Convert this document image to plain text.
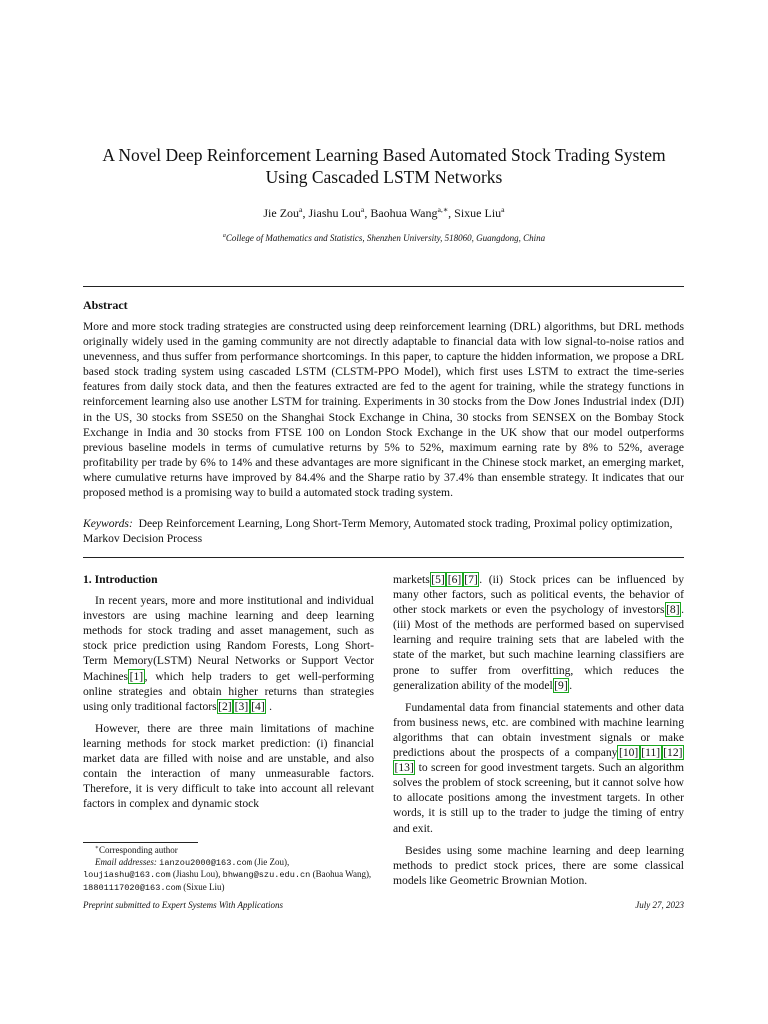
A Novel Deep Reinforcement Learning Based Automated Stock Trading System
Using Cascaded LSTM Networks
Jie Zou$^a$, Jiashu Lou$^a$, Baohua Wang$^{a,∗}$, Sixue Liu$^a$
$^a$College of Mathematics and Statistics, Shenzhen University, 518060, Guangdong, China
Abstract

More and more stock trading strategies are constructed using deep reinforcement learning (DRL) algorithms, but DRL methods originally widely used in the gaming community are not directly adaptable to financial data with low signal-to-noise ratios and unevenness, and thus suffer from performance shortcomings. In this paper, to capture the hidden information, we propose a DRL based stock trading system using cascaded LSTM (CLSTM-PPO Model), which first uses LSTM to extract the time-series features from daily stock data, and then the features extracted are fed to the agent for training, while the strategy functions in reinforcement learning also use another LSTM for training. Experiments in 30 stocks from the Dow Jones Industrial index (DJI) in the US, 30 stocks from SSE50 on the Shanghai Stock Exchange in China, 30 stocks from SENSEX on the Bombay Stock Exchange in India and 30 stocks from FTSE 100 on London Stock Exchange in the UK show that our model outperforms previous baseline models in terms of cumulative returns by 5% to 52%, maximum earning rate by 8% to 52%, average profitability per trade by 6% to 14% and these advantages are more significant in the Chinese stock market, an emerging market, where cumulative returns have improved by 84.4% and the Sharpe ratio by 37.4% than ensemble strategy. It indicates that our proposed method is a promising way to build a automated stock trading system.

Keywords: Deep Reinforcement Learning, Long Short-Term Memory, Automated stock trading, Proximal policy optimization, Markov Decision Process

1. Introduction

In recent years, more and more institutional and individual investors are using machine learning and deep learning methods for stock trading and asset management, such as stock price prediction using Random Forests, Long Short-Term Memory(LSTM) Neural Networks or Support Vector Machines [1] , which help traders to get well-performing online strategies and obtain higher returns than strategies using only traditional factors [2] [3] [4] .

However, there are three main limitations of machine learning methods for stock market prediction: (i) financial market data are filled with noise and are unstable, and also contain the interaction of many unmeasurable factors. Therefore, it is very difficult to take into account all relevant factors in complex and dynamic stock

markets [5] [6] [7] . (ii) Stock prices can be influenced by many other factors, such as political events, the behavior of other stock markets or even the psychology of investors [8] . (iii) Most of the methods are performed based on supervised learning and require training sets that are labeled with the state of the market, but such machine learning classifiers are prone to suffer from overfitting, which reduces the generalization ability of the model [9] .

Fundamental data from financial statements and other data from business news, etc. are combined with machine learning algorithms that can obtain investment signals or make predictions about the prospects of a company [10] [11] [12][13] to screen for good investment targets. Such an algorithm solves the problem of stock screening, but it cannot solve how to allocate positions among the investment targets. In other words, it is still up to the trader to judge the timing of entry and exit.

Besides using some machine learning and deep learning methods to predict stock prices, there are some classical models like Geometric Brownian Motion.

∗Corresponding author
Email addresses: ianzou2000@163.com (Jie Zou),
loujiashu@163.com (Jiashu Lou), bhwang@szu.edu.cn (Baohua Wang), 18801117020@163.com (Sixue Liu)
Preprint submitted to Expert Systems With Applications	July 27, 2023
